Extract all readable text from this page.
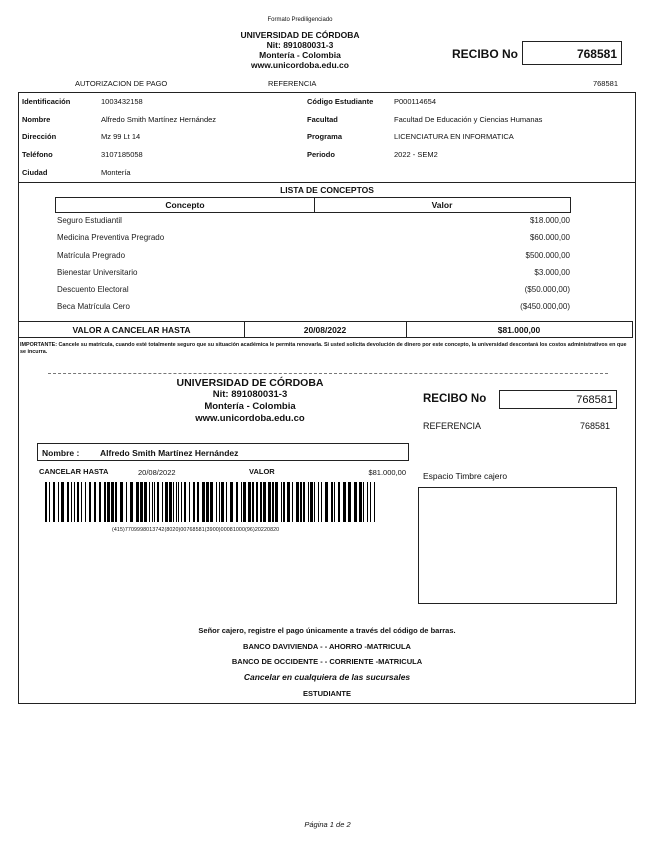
Formato Prediligenciado
UNIVERSIDAD DE CÓRDOBA
Nit: 891080031-3
Montería - Colombia
www.unicordoba.edu.co
RECIBO No	768581
AUTORIZACION DE PAGO	REFERENCIA	768581
Identificación	1003432158
Nombre	Alfredo Smith Martínez Hernández
Dirección	Mz 99 Lt 14
Teléfono	3107185058
Ciudad	Montería
Código Estudiante	P000114654
Facultad	Facultad De Educación y Ciencias Humanas
Programa	LICENCIATURA EN INFORMATICA
Periodo	2022 - SEM2
LISTA DE CONCEPTOS
Concepto	Valor
Seguro Estudiantil	$18.000,00
Medicina Preventiva Pregrado	$60.000,00
Matrícula Pregrado	$500.000,00
Bienestar Universitario	$3.000,00
Descuento Electoral	($50.000,00)
Beca Matrícula Cero	($450.000,00)
VALOR A CANCELAR HASTA	20/08/2022	$81.000,00
IMPORTANTE: Cancele su matrícula, cuando esté totalmente seguro que su situación académica le permita renovarla. Si usted solicita devolución de dinero por este concepto, la universidad descontará los costos administrativos en que se incurra.
UNIVERSIDAD DE CÓRDOBA
Nit: 891080031-3
Montería - Colombia
www.unicordoba.edu.co
RECIBO No	768581
REFERENCIA	768581
Nombre : Alfredo Smith Martínez Hernández
CANCELAR HASTA	20/08/2022	VALOR	$81.000,00
(415)7709998013742(8020)00768581(3900)00081000(96)20220820
Espacio Timbre cajero
Señor cajero, registre el pago únicamente a través del código de barras.
BANCO DAVIVIENDA - - AHORRO -MATRICULA
BANCO DE OCCIDENTE - - CORRIENTE -MATRICULA
Cancelar en cualquiera de las sucursales
ESTUDIANTE
Página 1 de 2
